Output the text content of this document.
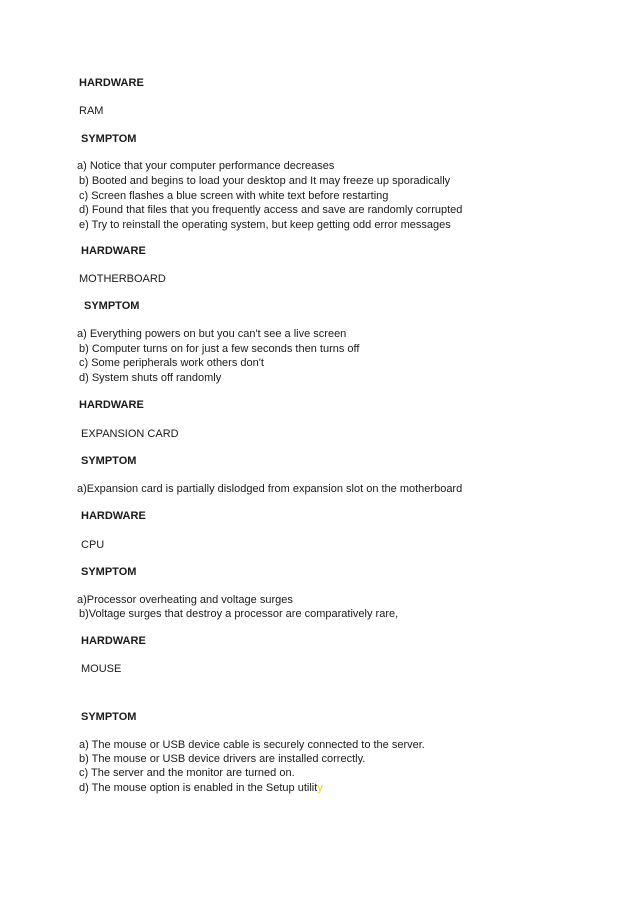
HARDWARE
RAM
SYMPTOM
a) Notice that your computer performance decreases
b) Booted and begins to load your desktop and It may freeze up sporadically
c) Screen flashes a blue screen with white text before restarting
d) Found that files that you frequently access and save are randomly corrupted
e) Try to reinstall the operating system, but keep getting odd error messages
HARDWARE
MOTHERBOARD
SYMPTOM
a) Everything powers on but you can't see a live screen
b) Computer turns on for just a few seconds then turns off
c) Some peripherals work others don't
d) System shuts off randomly
HARDWARE
EXPANSION CARD
SYMPTOM
a)Expansion card is partially dislodged from expansion slot on the motherboard
HARDWARE
CPU
SYMPTOM
a)Processor overheating and voltage surges
b)Voltage surges that destroy a processor are comparatively rare,
HARDWARE
MOUSE
SYMPTOM
a) The mouse or USB device cable is securely connected to the server.
b) The mouse or USB device drivers are installed correctly.
c) The server and the monitor are turned on.
d) The mouse option is enabled in the Setup utility
